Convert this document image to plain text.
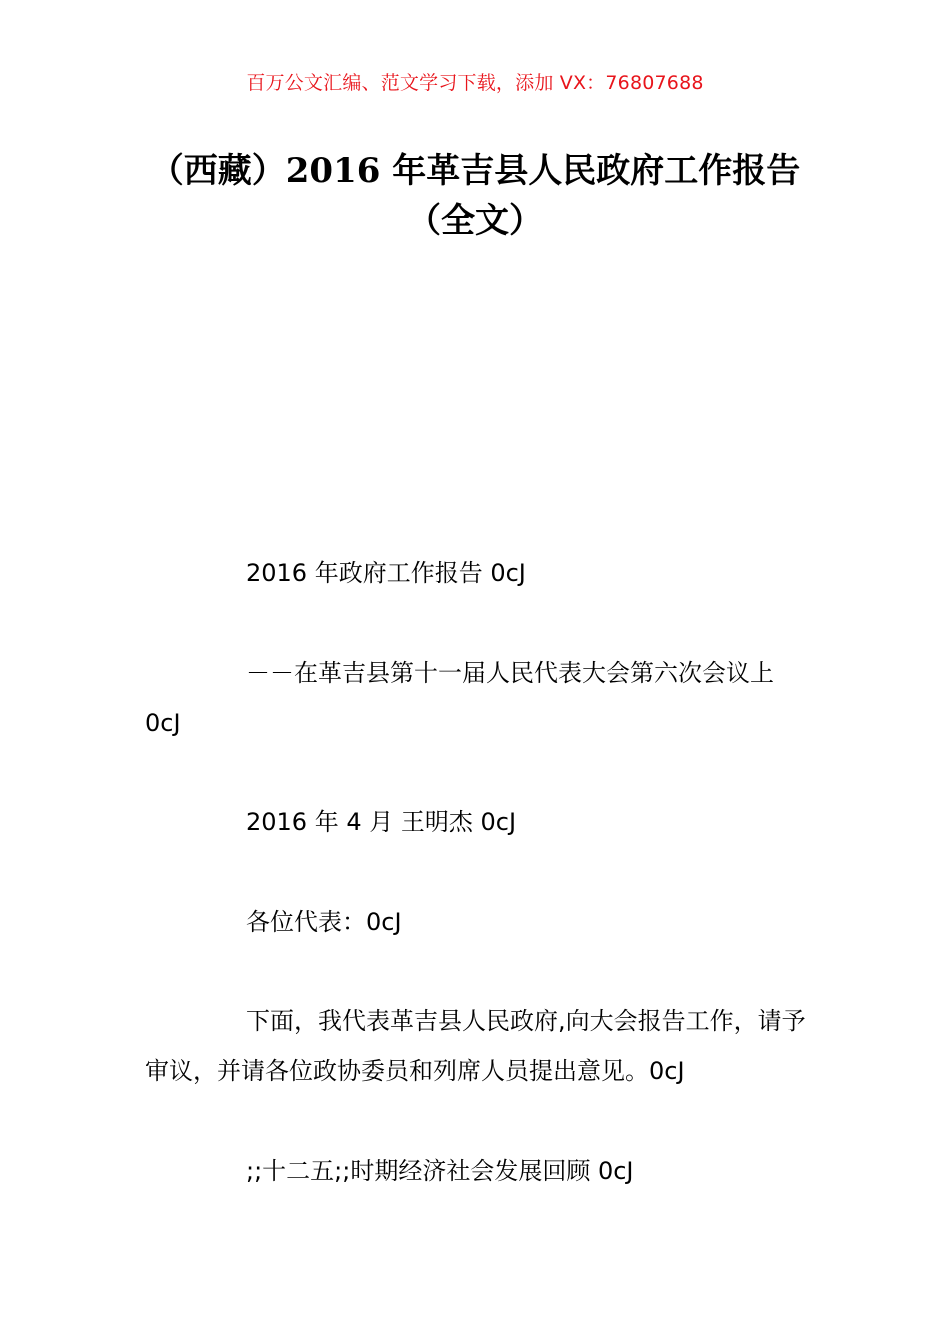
百万公文汇编、范文学习下载，添加 VX：76807688
（西藏）2016 年革吉县人民政府工作报告
（全文）

2016 年政府工作报告 0cJ

－－在革吉县第十一届人民代表大会第六次会议上 0cJ

2016 年 4 月 王明杰 0cJ

各位代表：0cJ

下面，我代表革吉县人民政府,向大会报告工作，请予审议，并请各位政协委员和列席人员提出意见。0cJ

;;十二五;;时期经济社会发展回顾 0cJ
